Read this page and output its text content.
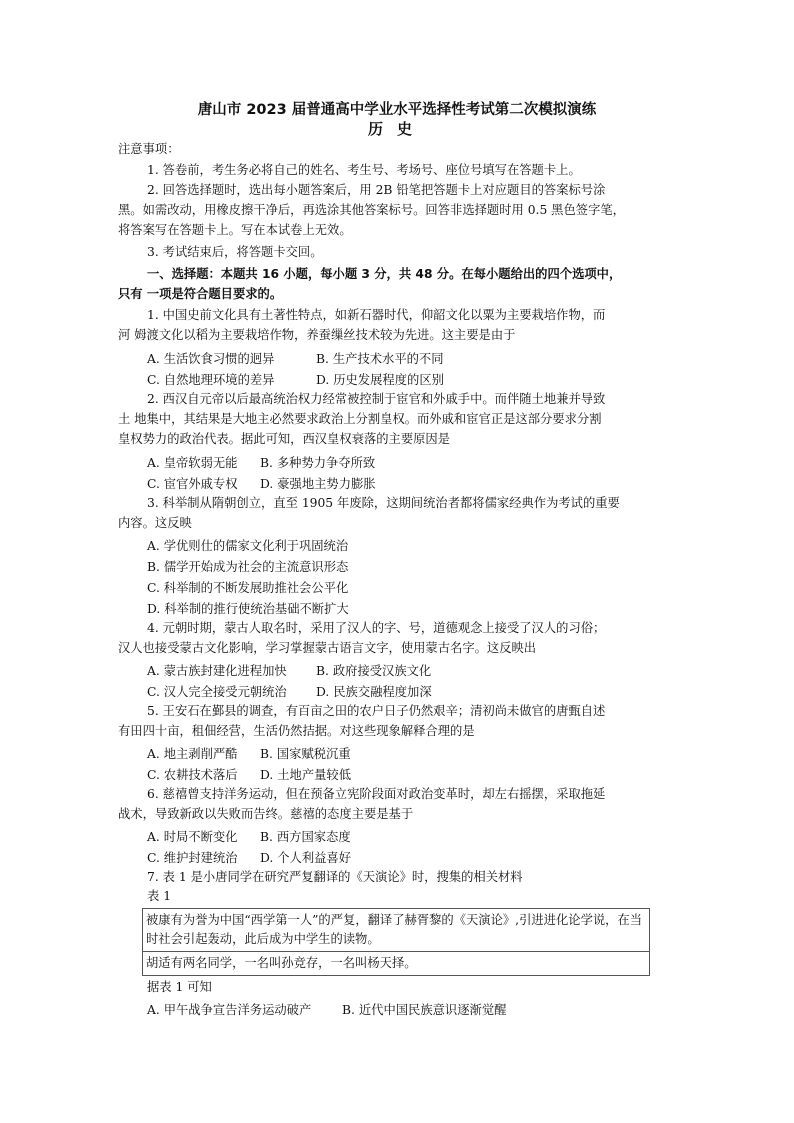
唐山市 2023 届普通高中学业水平选择性考试第二次模拟演练
历史
注意事项：
1. 答卷前，考生务必将自己的姓名、考生号、考场号、座位号填写在答题卡上。
2. 回答选择题时，选出每小题答案后，用 2B 铅笔把答题卡上对应题目的答案标号涂
黑。如需改动，用橡皮擦干净后，再选涂其他答案标号。回答非选择题时用 0.5 黑色签字笔，
将答案写在答题卡上。写在本试卷上无效。
3. 考试结束后，将答题卡交回。
一、选择题：本题共 16 小题，每小题 3 分，共 48 分。在每小题给出的四个选项中，
只有 一项是符合题目要求的。
1. 中国史前文化具有土著性特点，如新石器时代，仰韶文化以粟为主要栽培作物，而
河 姆渡文化以稻为主要栽培作物，养蚕缫丝技术较为先进。这主要是由于
A. 生活饮食习惯的迥异	B. 生产技术水平的不同
C. 自然地理环境的差异	D. 历史发展程度的区别
2. 西汉自元帝以后最高统治权力经常被控制于宦官和外戚手中。而伴随土地兼并导致
土 地集中，其结果是大地主必然要求政治上分割皇权。而外戚和宦官正是这部分要求分割
皇权势力的政治代表。据此可知，西汉皇权衰落的主要原因是
A. 皇帝软弱无能 B. 多种势力争夺所致
C. 宦官外戚专权 D. 豪强地主势力膨胀
3. 科举制从隋朝创立，直至 1905 年废除，这期间统治者都将儒家经典作为考试的重要
内容。这反映
A. 学优则仕的儒家文化利于巩固统治
B. 儒学开始成为社会的主流意识形态
C. 科举制的不断发展助推社会公平化
D. 科举制的推行使统治基础不断扩大
4. 元朝时期，蒙古人取名时，采用了汉人的字、号，道德观念上接受了汉人的习俗；
汉人也接受蒙古文化影响，学习掌握蒙古语言文字，使用蒙古名字。这反映出
A. 蒙古族封建化进程加快 B. 政府接受汉族文化
C. 汉人完全接受元朝统治 D. 民族交融程度加深
5. 王安石在鄞县的调查，有百亩之田的农户日子仍然艰辛；清初尚未做官的唐甄自述
有田四十亩，租佃经营，生活仍然拮据。对这些现象解释合理的是
A. 地主剥削严酷 B. 国家赋税沉重
C. 农耕技术落后 D. 土地产量较低
6. 慈禧曾支持洋务运动，但在预备立宪阶段面对政治变革时，却左右摇摆，采取拖延
战术，导致新政以失败而告终。慈禧的态度主要是基于
A. 时局不断变化 B. 西方国家态度
C. 维护封建统治 D. 个人利益喜好
7. 表 1 是小唐同学在研究严复翻译的《天演论》时，搜集的相关材料
表 1
被康有为誉为中国“西学第一人”的严复，翻译了赫胥黎的《天演论》,引进进化论学说，在当时社会引起轰动，此后成为中学生的读物。
胡适有两名同学，一名叫孙竞存，一名叫杨天择。
据表 1 可知
A. 甲午战争宣告洋务运动破产 B. 近代中国民族意识逐渐觉醒
